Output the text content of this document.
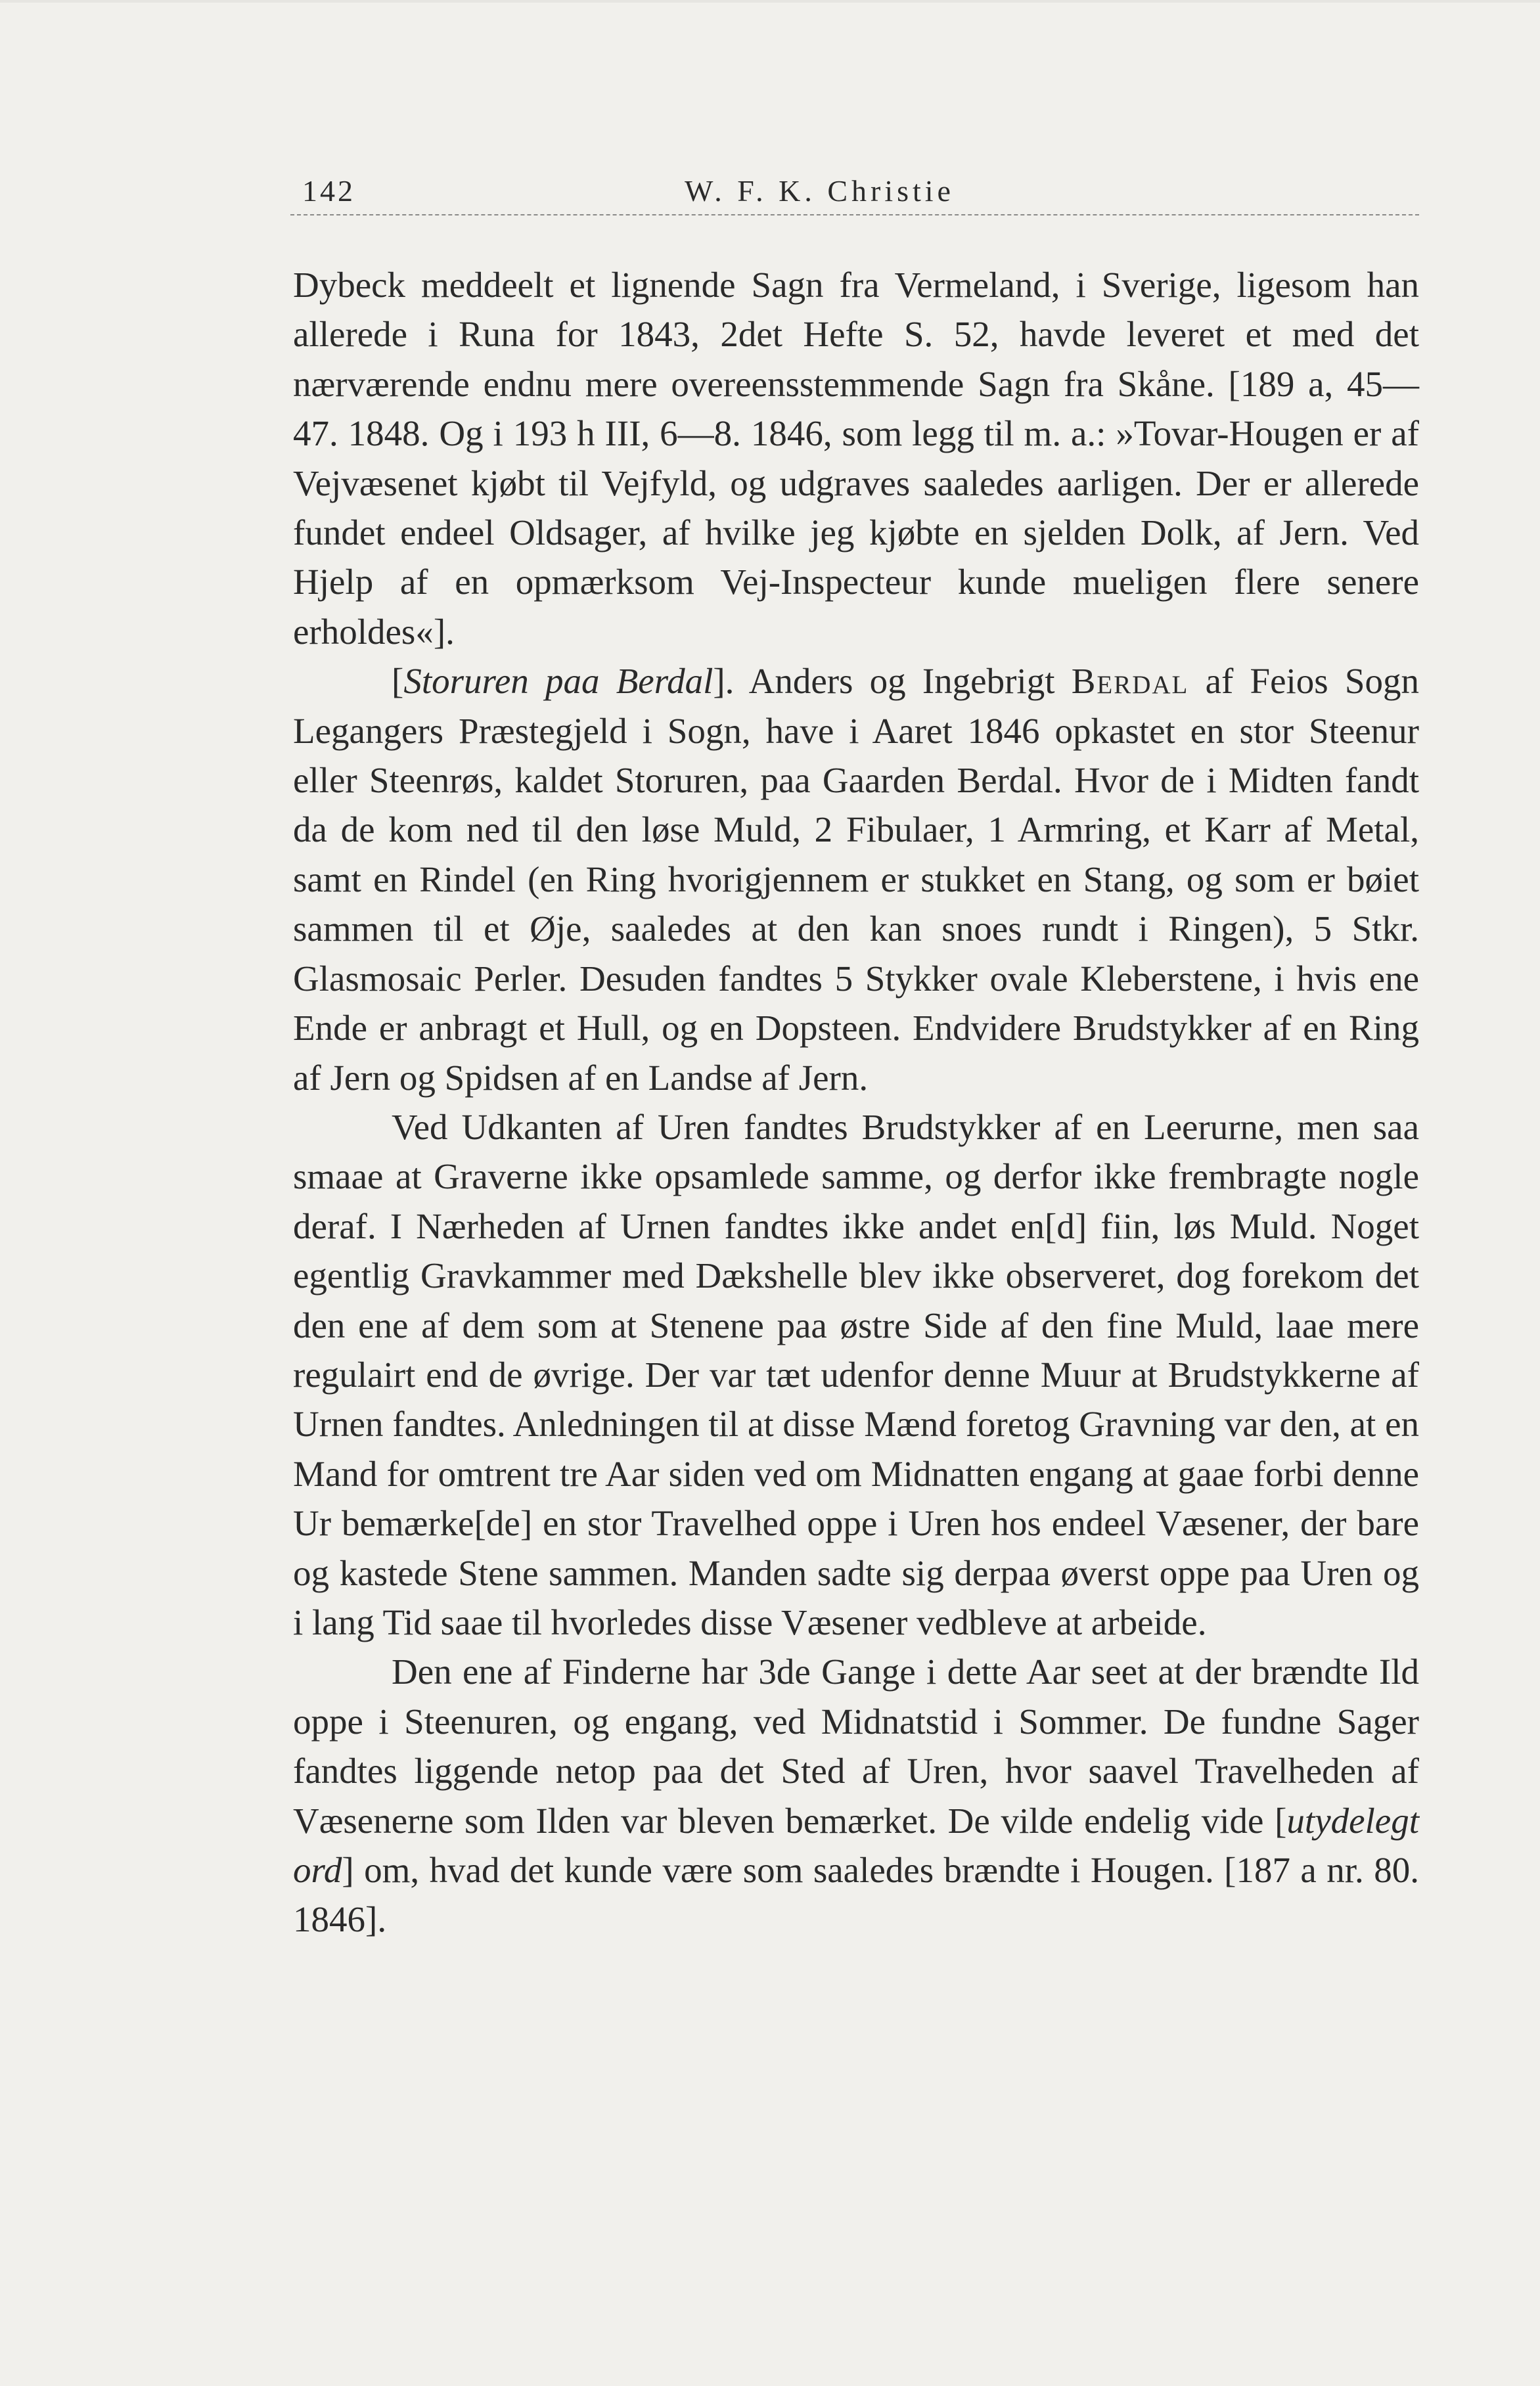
142	W. F. K. Christie

Dybeck meddeelt et lignende Sagn fra Vermeland, i Sverige, ligesom han allerede i Runa for 1843, 2det Hefte S. 52, havde leveret et med det nærværende endnu mere overeensstemmende Sagn fra Skåne. [189 a, 45—47. 1848. Og i 193 h III, 6—8. 1846, som legg til m. a.: »Tovar-Hougen er af Vejvæsenet kjøbt til Vejfyld, og udgraves saaledes aarligen. Der er allerede fundet endeel Oldsager, af hvilke jeg kjøbte en sjelden Dolk, af Jern. Ved Hjelp af en opmærksom Vej-Inspecteur kunde mueligen flere senere erholdes«].

[Storuren paa Berdal]. Anders og Ingebrigt Berdal af Feios Sogn Legangers Præstegjeld i Sogn, have i Aaret 1846 opkastet en stor Steenur eller Steenrøs, kaldet Storuren, paa Gaarden Berdal. Hvor de i Midten fandt da de kom ned til den løse Muld, 2 Fibulaer, 1 Armring, et Karr af Metal, samt en Rindel (en Ring hvorigjennem er stukket en Stang, og som er bøiet sammen til et Øje, saaledes at den kan snoes rundt i Ringen), 5 Stkr. Glasmosaic Perler. Desuden fandtes 5 Stykker ovale Kleberstene, i hvis ene Ende er anbragt et Hull, og en Dopsteen. Endvidere Brudstykker af en Ring af Jern og Spidsen af en Landse af Jern.

Ved Udkanten af Uren fandtes Brudstykker af en Leerurne, men saa smaae at Graverne ikke opsamlede samme, og derfor ikke frembragte nogle deraf. I Nærheden af Urnen fandtes ikke andet en[d] fiin, løs Muld. Noget egentlig Gravkammer med Dækshelle blev ikke observeret, dog forekom det den ene af dem som at Stenene paa østre Side af den fine Muld, laae mere regulairt end de øvrige. Der var tæt udenfor denne Muur at Brudstykkerne af Urnen fandtes. Anledningen til at disse Mænd foretog Gravning var den, at en Mand for omtrent tre Aar siden ved om Midnatten engang at gaae forbi denne Ur bemærke[de] en stor Travelhed oppe i Uren hos endeel Væsener, der bare og kastede Stene sammen. Manden sadte sig derpaa øverst oppe paa Uren og i lang Tid saae til hvorledes disse Væsener vedbleve at arbeide.

Den ene af Finderne har 3de Gange i dette Aar seet at der brændte Ild oppe i Steenuren, og engang, ved Midnatstid i Sommer. De fundne Sager fandtes liggende netop paa det Sted af Uren, hvor saavel Travelheden af Væsenerne som Ilden var bleven bemærket. De vilde endelig vide [utydelegt ord] om, hvad det kunde være som saaledes brændte i Hougen. [187 a nr. 80. 1846].
